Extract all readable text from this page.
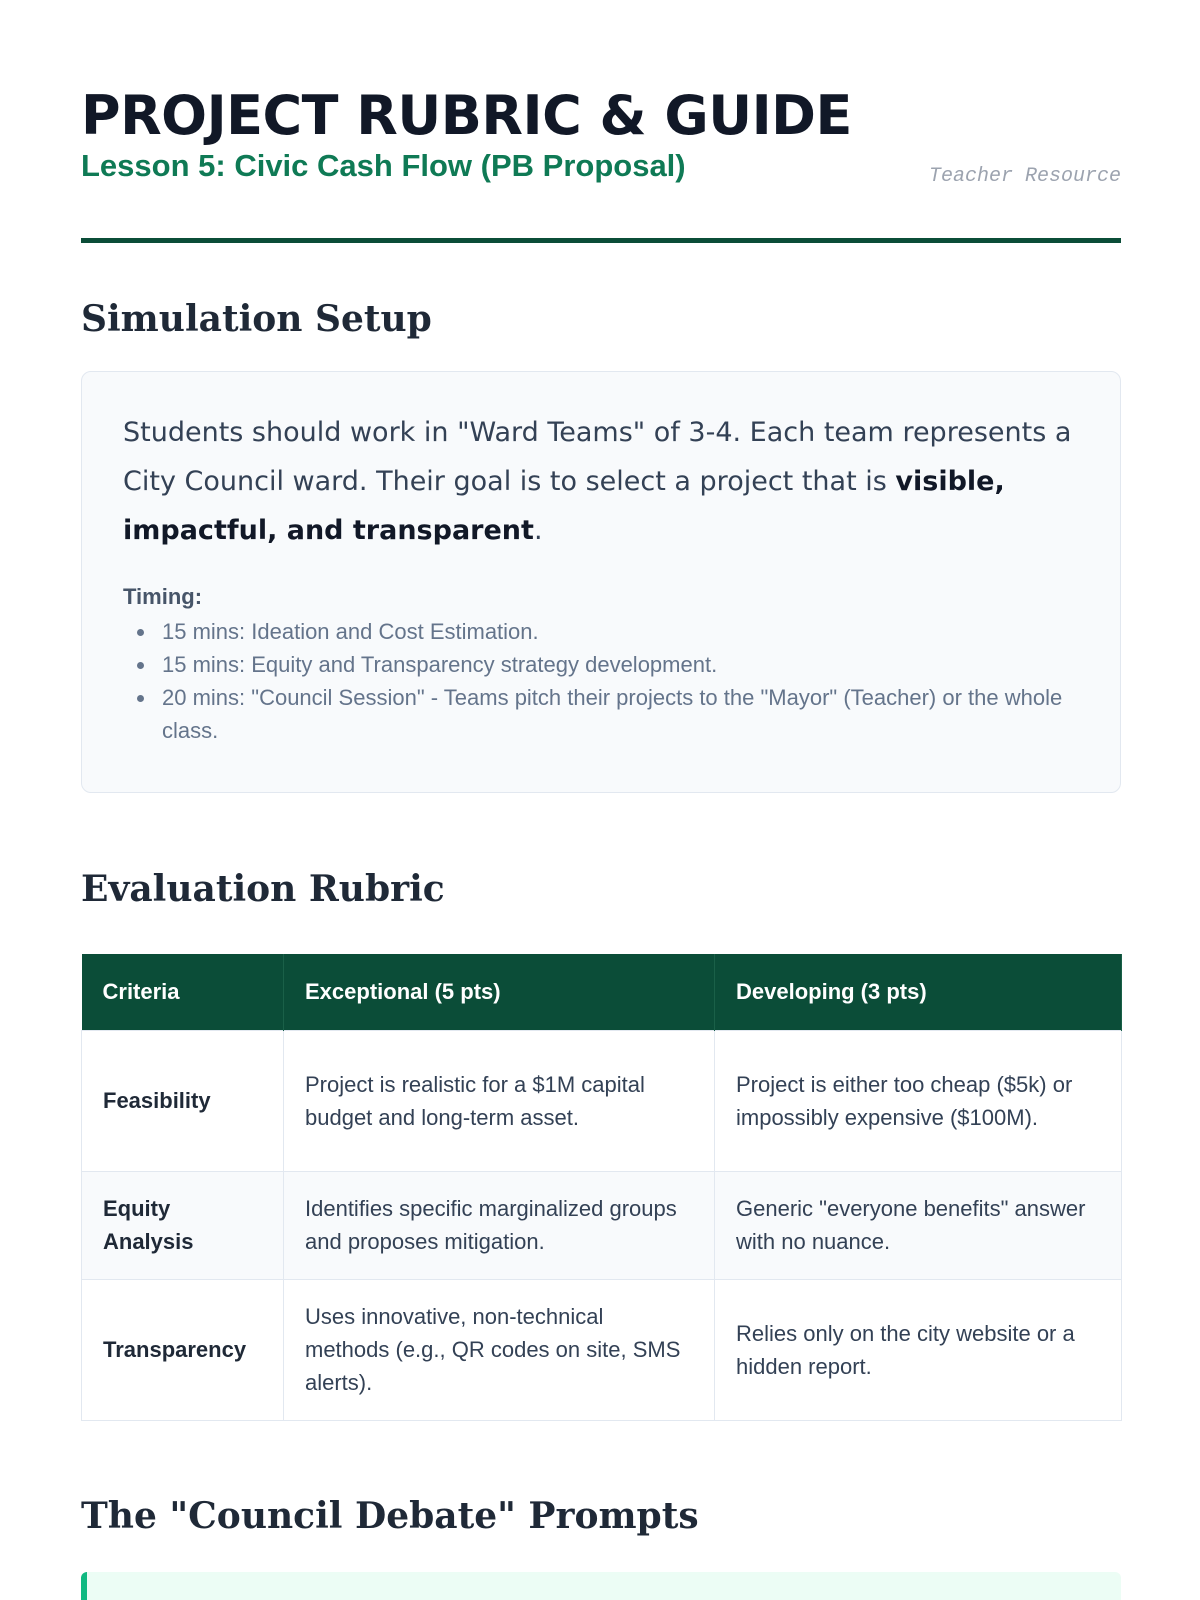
PROJECT RUBRIC & GUIDE
Lesson 5: Civic Cash Flow (PB Proposal)	Teacher Resource
Simulation Setup

Students should work in "Ward Teams" of 3-4. Each team represents a City Council ward. Their goal is to select a project that is visible, impactful, and transparent.

Timing:
15 mins: Ideation and Cost Estimation.
15 mins: Equity and Transparency strategy development.
20 mins: "Council Session" - Teams pitch their projects to the "Mayor" (Teacher) or the whole class.
Evaluation Rubric
Criteria	Exceptional (5 pts)	Developing (3 pts)
Feasibility	Project is realistic for a $1M capital budget and long-term asset.	Project is either too cheap ($5k) or impossibly expensive ($100M).
Equity Analysis	Identifies specific marginalized groups and proposes mitigation.	Generic "everyone benefits" answer with no nuance.
Transparency	Uses innovative, non-technical methods (e.g., QR codes on site, SMS alerts).	Relies only on the city website or a hidden report.
The "Council Debate" Prompts
